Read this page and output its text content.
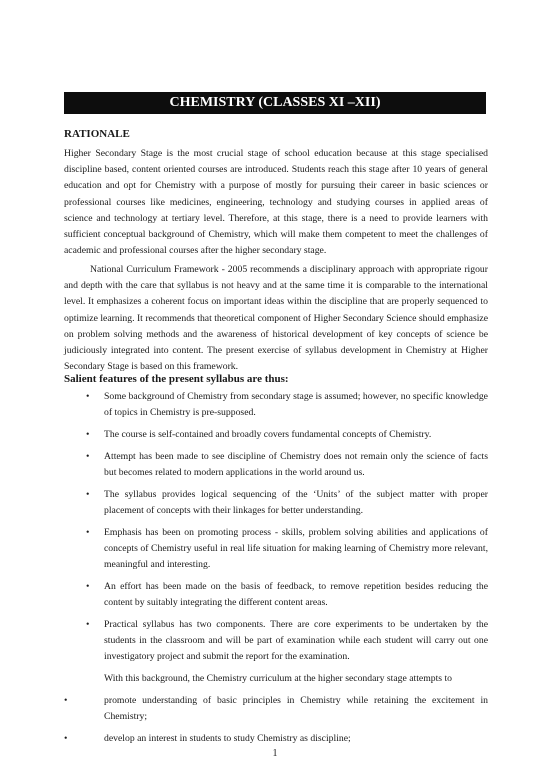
CHEMISTRY (CLASSES XI –XII)
RATIONALE

Higher Secondary Stage is the most crucial stage of school education because at this stage specialised discipline based, content oriented courses are introduced. Students reach this stage after 10 years of general education and opt for Chemistry with a purpose of mostly for pursuing their career in basic sciences or professional courses like medicines, engineering, technology and studying courses in applied areas of science and technology at tertiary level. Therefore, at this stage, there is a need to provide learners with sufficient conceptual background of Chemistry, which will make them competent to meet the challenges of academic and professional courses after the higher secondary stage.

National Curriculum Framework - 2005 recommends a disciplinary approach with appropriate rigour and depth with the care that syllabus is not heavy and at the same time it is comparable to the international level. It emphasizes a coherent focus on important ideas within the discipline that are properly sequenced to optimize learning. It recommends that theoretical component of Higher Secondary Science should emphasize on problem solving methods and the awareness of historical development of key concepts of science be judiciously integrated into content. The present exercise of syllabus development in Chemistry at Higher Secondary Stage is based on this framework.

Salient features of the present syllabus are thus:
• Some background of Chemistry from secondary stage is assumed; however, no specific knowledge of topics in Chemistry is pre-supposed.
• The course is self-contained and broadly covers fundamental concepts of Chemistry.
• Attempt has been made to see discipline of Chemistry does not remain only the science of facts but becomes related to modern applications in the world around us.
• The syllabus provides logical sequencing of the ‘Units’ of the subject matter with proper placement of concepts with their linkages for better understanding.
• Emphasis has been on promoting process - skills, problem solving abilities and applications of concepts of Chemistry useful in real life situation for making learning of Chemistry more relevant, meaningful and interesting.
• An effort has been made on the basis of feedback, to remove repetition besides reducing the content by suitably integrating the different content areas.
• Practical syllabus has two components. There are core experiments to be undertaken by the students in the classroom and will be part of examination while each student will carry out one investigatory project and submit the report for the examination.
With this background, the Chemistry curriculum at the higher secondary stage attempts to
•	promote understanding of basic principles in Chemistry while retaining the excitement in Chemistry;
•	develop an interest in students to study Chemistry as discipline;
1
